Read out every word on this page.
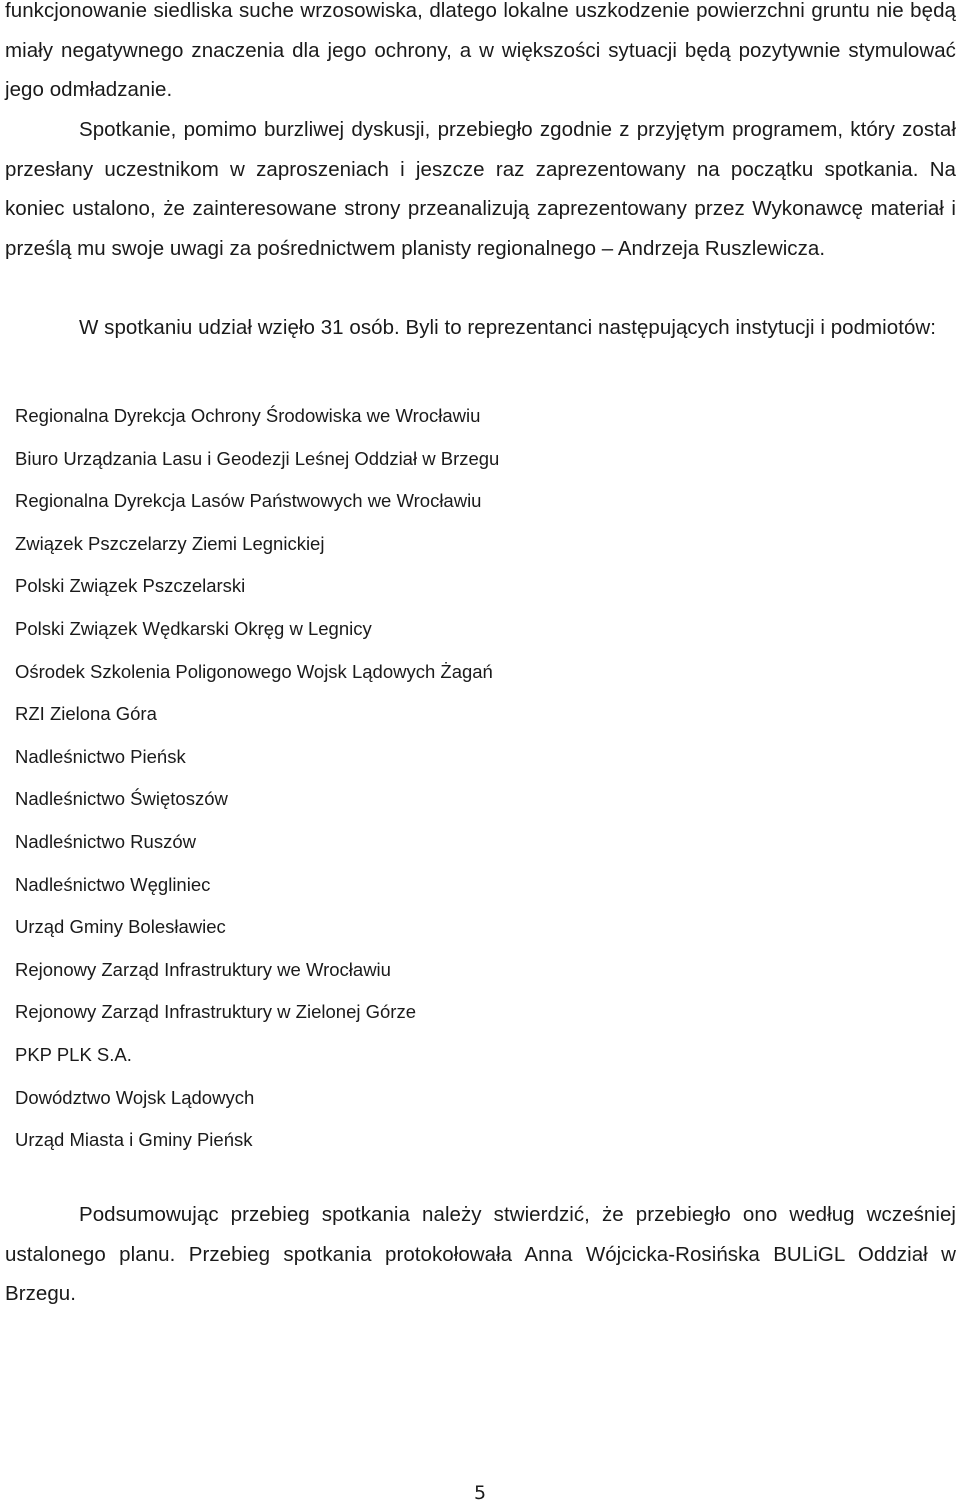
funkcjonowanie siedliska suche wrzosowiska, dlatego lokalne uszkodzenie powierzchni gruntu nie będą miały negatywnego znaczenia dla jego ochrony, a w większości sytuacji będą pozytywnie stymulować jego odmładzanie.

Spotkanie, pomimo burzliwej dyskusji, przebiegło zgodnie z przyjętym programem, który został przesłany uczestnikom w zaproszeniach i jeszcze raz zaprezentowany na początku spotkania. Na koniec ustalono, że zainteresowane strony przeanalizują zaprezentowany przez Wykonawcę materiał i prześlą mu swoje uwagi za pośrednictwem planisty regionalnego – Andrzeja Ruszlewicza.

W spotkaniu udział wzięło 31 osób. Byli to reprezentanci następujących instytucji i podmiotów:

Regionalna Dyrekcja Ochrony Środowiska we Wrocławiu
Biuro Urządzania Lasu i Geodezji Leśnej Oddział w Brzegu
Regionalna Dyrekcja Lasów Państwowych we Wrocławiu
Związek Pszczelarzy Ziemi Legnickiej
Polski Związek Pszczelarski
Polski Związek Wędkarski Okręg w Legnicy
Ośrodek Szkolenia Poligonowego Wojsk Lądowych Żagań
RZI Zielona Góra
Nadleśnictwo Pieńsk
Nadleśnictwo Świętoszów
Nadleśnictwo Ruszów
Nadleśnictwo Węgliniec
Urząd Gminy Bolesławiec
Rejonowy Zarząd Infrastruktury we Wrocławiu
Rejonowy Zarząd Infrastruktury w Zielonej Górze
PKP PLK S.A.
Dowództwo Wojsk Lądowych
Urząd Miasta i Gminy Pieńsk

Podsumowując przebieg spotkania należy stwierdzić, że przebiegło ono według wcześniej ustalonego planu. Przebieg spotkania protokołowała Anna Wójcicka-Rosińska BULiGL Oddział w Brzegu.

5
